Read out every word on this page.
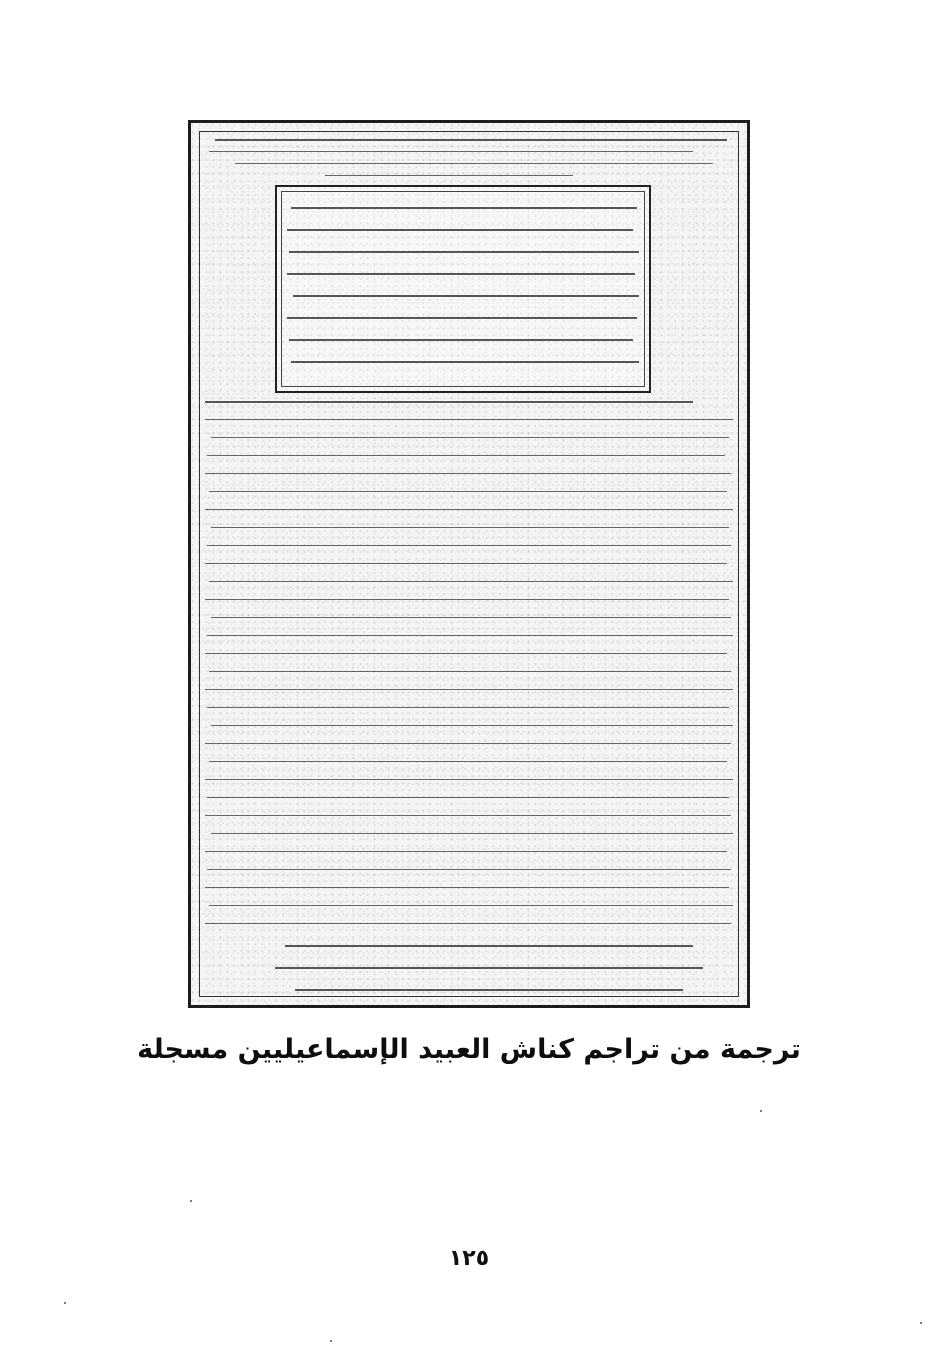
ترجمة من تراجم كناش العبيد الإسماعيليين مسجلة
١٢٥
